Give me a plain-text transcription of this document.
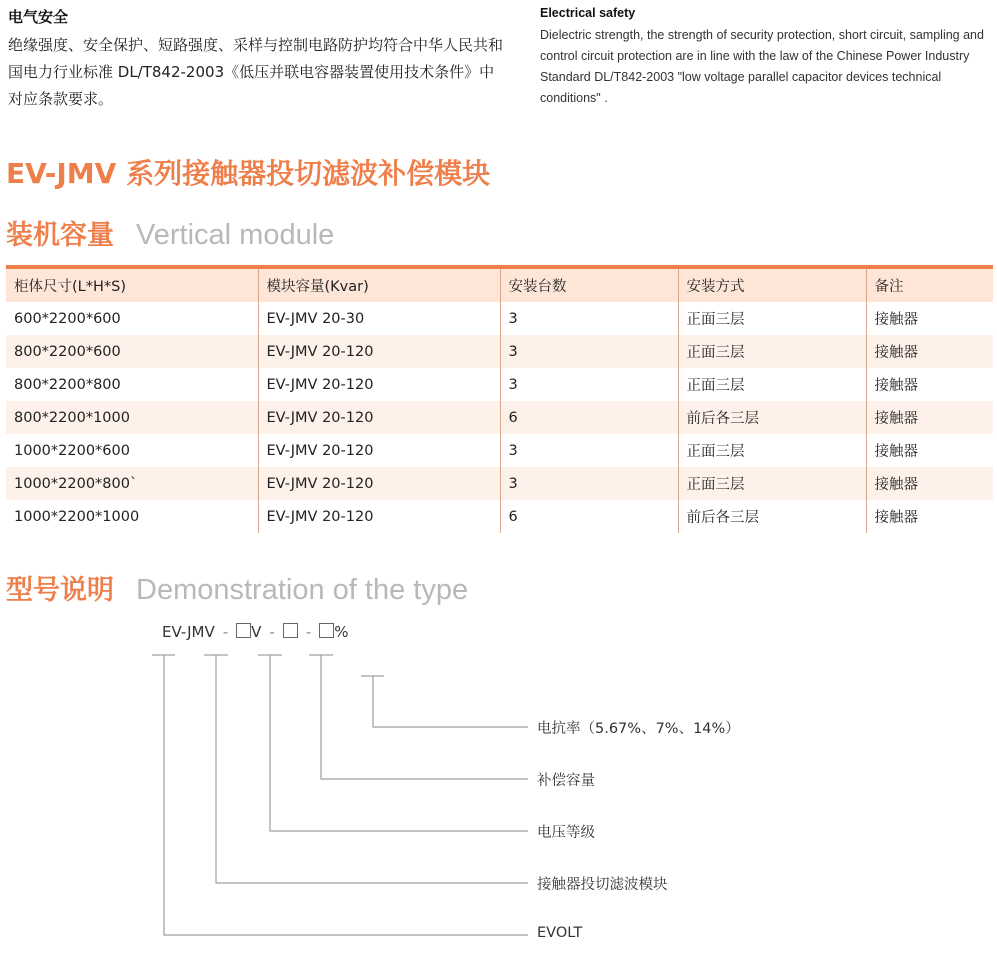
电气安全
绝缘强度、安全保护、短路强度、采样与控制电路防护均符合中华人民共和国电力行业标准 DL/T842-2003《低压并联电容器装置使用技术条件》中对应条款要求。
Electrical safety
Dielectric strength, the strength of security protection, short circuit, sampling and control circuit protection are in line with the law of the Chinese Power Industry Standard DL/T842-2003 "low voltage parallel capacitor devices technical conditions" .
EV-JMV 系列接触器投切滤波补偿模块
装机容量 Vertical module
柜体尺寸(L*H*S)	模块容量(Kvar)	安装台数	安装方式	备注
600*2200*600	EV-JMV 20-30	3	正面三层	接触器
800*2200*600	EV-JMV 20-120	3	正面三层	接触器
800*2200*800	EV-JMV 20-120	3	正面三层	接触器
800*2200*1000	EV-JMV 20-120	6	前后各三层	接触器
1000*2200*600	EV-JMV 20-120	3	正面三层	接触器
1000*2200*800`	EV-JMV 20-120	3	正面三层	接触器
1000*2200*1000	EV-JMV 20-120	6	前后各三层	接触器
型号说明 Demonstration of the type
EV-JMV - V - - %
电抗率（5.67%、7%、14%）
补偿容量
电压等级
接触器投切滤波模块
EVOLT
